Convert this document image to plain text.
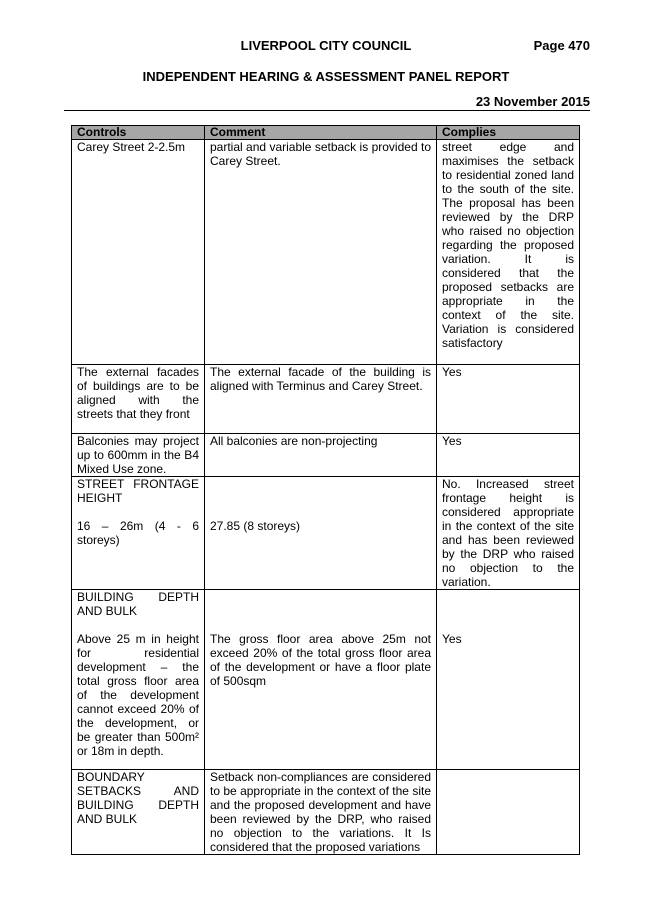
LIVERPOOL CITY COUNCIL	Page 470
INDEPENDENT HEARING & ASSESSMENT PANEL REPORT
23 November 2015
Controls	Comment	Complies

Carey Street 2-2.5m	partial and variable setback is provided to Carey Street.	street edge and maximises the setback to residential zoned land to the south of the site. The proposal has been reviewed by the DRP who raised no objection regarding the proposed variation. It is considered that the proposed setbacks are appropriate in the context of the site. Variation is considered satisfactory

The external facades of buildings are to be aligned with the streets that they front	The external facade of the building is aligned with Terminus and Carey Street.	Yes

Balconies may project up to 600mm in the B4 Mixed Use zone.	All balconies are non-projecting	Yes

STREET FRONTAGE HEIGHT

16 – 26m (4 - 6 storeys)	27.85 (8 storeys)	No. Increased street frontage height is considered appropriate in the context of the site and has been reviewed by the DRP who raised no objection to the variation.

BUILDING DEPTH AND BULK

Above 25 m in height for residential development – the total gross floor area of the development cannot exceed 20% of the development, or be greater than 500m² or 18m in depth.	The gross floor area above 25m not exceed 20% of the total gross floor area of the development or have a floor plate of 500sqm	Yes

BOUNDARY SETBACKS AND BUILDING DEPTH AND BULK	Setback non-compliances are considered to be appropriate in the context of the site and the proposed development and have been reviewed by the DRP, who raised no objection to the variations. It Is considered that the proposed variations	
